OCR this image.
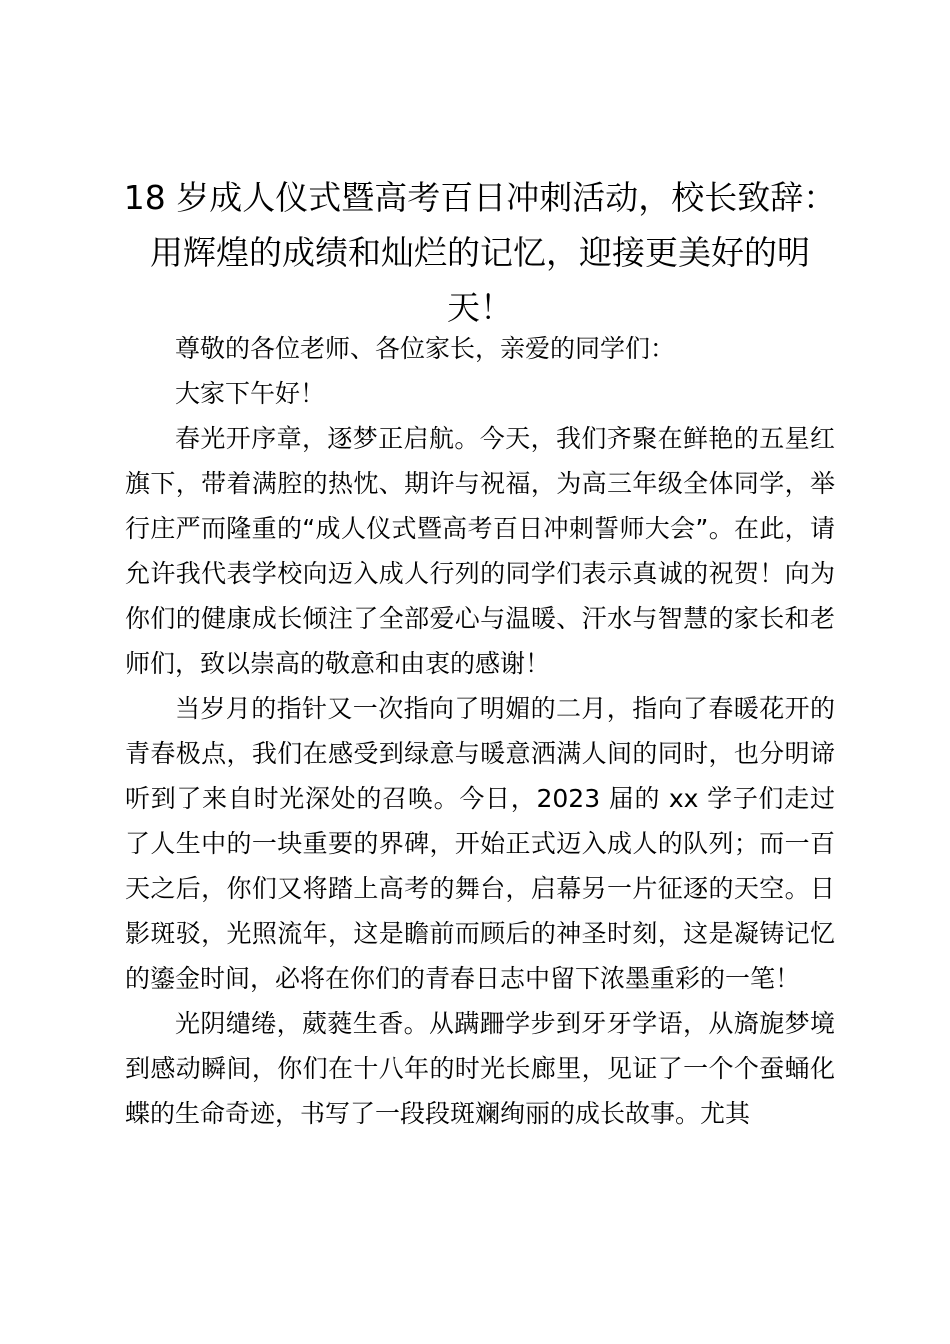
18 岁成人仪式暨高考百日冲刺活动，校长致辞：用辉煌的成绩和灿烂的记忆，迎接更美好的明天！

尊敬的各位老师、各位家长，亲爱的同学们：

大家下午好！

春光开序章，逐梦正启航。今天，我们齐聚在鲜艳的五星红旗下，带着满腔的热忱、期许与祝福，为高三年级全体同学，举行庄严而隆重的“成人仪式暨高考百日冲刺誓师大会”。在此，请允许我代表学校向迈入成人行列的同学们表示真诚的祝贺！向为你们的健康成长倾注了全部爱心与温暖、汗水与智慧的家长和老师们，致以崇高的敬意和由衷的感谢！

当岁月的指针又一次指向了明媚的二月，指向了春暖花开的青春极点，我们在感受到绿意与暖意洒满人间的同时，也分明谛听到了来自时光深处的召唤。今日，2023 届的 xx 学子们走过了人生中的一块重要的界碑，开始正式迈入成人的队列；而一百天之后，你们又将踏上高考的舞台，启幕另一片征逐的天空。日影斑驳，光照流年，这是瞻前而顾后的神圣时刻，这是凝铸记忆的鎏金时间，必将在你们的青春日志中留下浓墨重彩的一笔！

光阴缱绻，葳蕤生香。从蹒跚学步到牙牙学语，从旖旎梦境到感动瞬间，你们在十八年的时光长廊里，见证了一个个蚕蛹化蝶的生命奇迹，书写了一段段斑斓绚丽的成长故事。尤其
